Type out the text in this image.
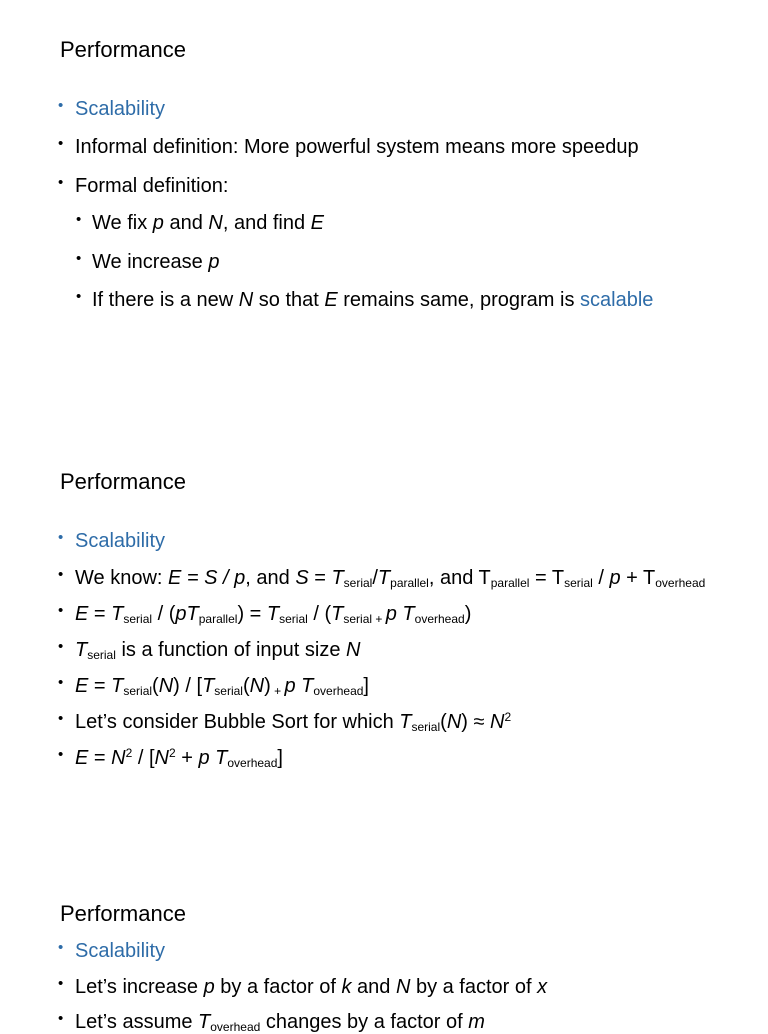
Performance
• Scalability
• Informal definition: More powerful system means more speedup
• Formal definition:
• We fix p and N, and find E
• We increase p
• If there is a new N so that E remains same, program is scalable
Performance
• Scalability
• We know: E = S / p, and $S = T_{serial}/T_{parallel}$, and $T_{parallel} = T_{serial} / p + T_{overhead}$
• $E = T_{serial} / (pT_{parallel}) = T_{serial} / (T_{serial}$ $_+$ p $T_{overhead}$)
• $T_{serial}$ is a function of input size N
• $E = T_{serial}(N) / [T_{serial}(N)$ $_+$ p $T_{overhead}$]
• Let’s consider Bubble Sort for which $T_{serial}(N) \approx N^2$
• $E = N^2 / [N^2 + p$ $T_{overhead}$]
Performance
• Scalability
• Let’s increase p by a factor of k and N by a factor of x
• Let’s assume $T_{overhead}$ changes by a factor of m
